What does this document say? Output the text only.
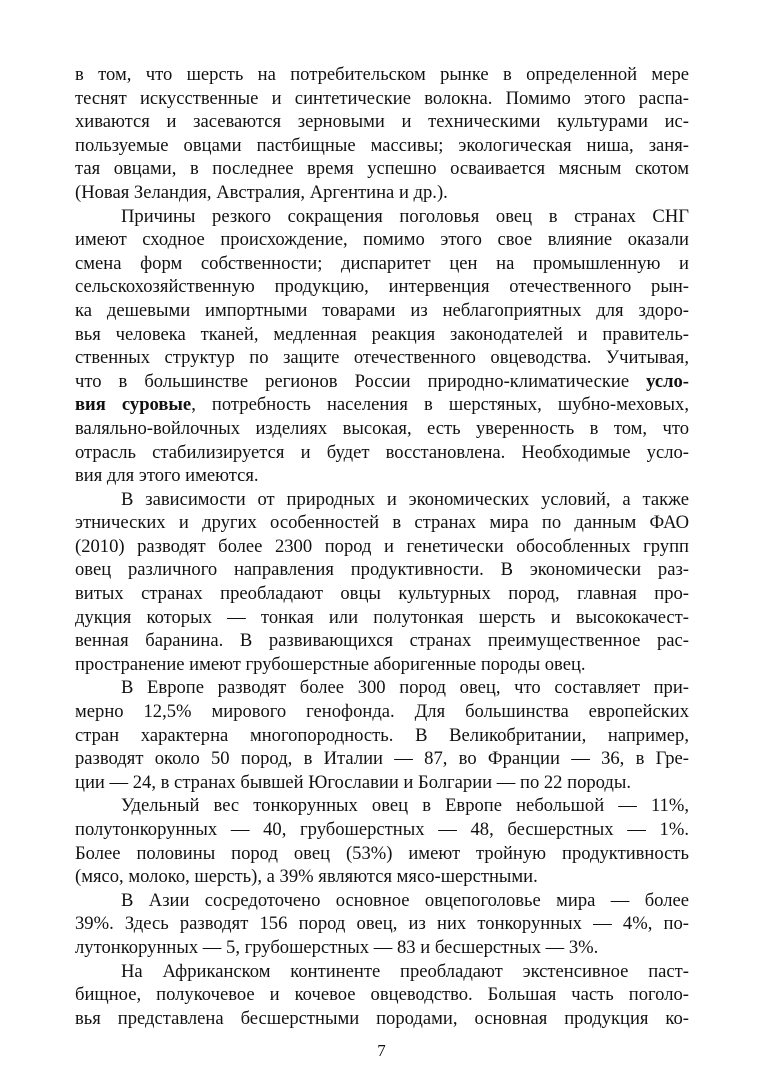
в том, что шерсть на потребительском рынке в определенной мере
теснят искусственные и синтетические волокна. Помимо этого распа-
хиваются и засеваются зерновыми и техническими культурами ис-
пользуемые овцами пастбищные массивы; экологическая ниша, заня-
тая овцами, в последнее время успешно осваивается мясным скотом
(Новая Зеландия, Австралия, Аргентина и др.).
Причины резкого сокращения поголовья овец в странах СНГ
имеют сходное происхождение, помимо этого свое влияние оказали
смена форм собственности; диспаритет цен на промышленную и
сельскохозяйственную продукцию, интервенция отечественного рын-
ка дешевыми импортными товарами из неблагоприятных для здоро-
вья человека тканей, медленная реакция законодателей и правитель-
ственных структур по защите отечественного овцеводства. Учитывая,
что в большинстве регионов России природно-климатические усло-
вия суровые, потребность населения в шерстяных, шубно-меховых,
валяльно-войлочных изделиях высокая, есть уверенность в том, что
отрасль стабилизируется и будет восстановлена. Необходимые усло-
вия для этого имеются.
В зависимости от природных и экономических условий, а также
этнических и других особенностей в странах мира по данным ФАО
(2010) разводят более 2300 пород и генетически обособленных групп
овец различного направления продуктивности. В экономически раз-
витых странах преобладают овцы культурных пород, главная про-
дукция которых — тонкая или полутонкая шерсть и высококачест-
венная баранина. В развивающихся странах преимущественное рас-
пространение имеют грубошерстные аборигенные породы овец.
В Европе разводят более 300 пород овец, что составляет при-
мерно 12,5% мирового генофонда. Для большинства европейских
стран характерна многопородность. В Великобритании, например,
разводят около 50 пород, в Италии — 87, во Франции — 36, в Гре-
ции — 24, в странах бывшей Югославии и Болгарии — по 22 породы.
Удельный вес тонкорунных овец в Европе небольшой — 11%,
полутонкорунных — 40, грубошерстных — 48, бесшерстных — 1%.
Более половины пород овец (53%) имеют тройную продуктивность
(мясо, молоко, шерсть), а 39% являются мясо-шерстными.
В Азии сосредоточено основное овцепоголовье мира — более
39%. Здесь разводят 156 пород овец, из них тонкорунных — 4%, по-
лутонкорунных — 5, грубошерстных — 83 и бесшерстных — 3%.
На Африканском континенте преобладают экстенсивное паст-
бищное, полукочевое и кочевое овцеводство. Большая часть поголо-
вья представлена бесшерстными породами, основная продукция ко-
7
